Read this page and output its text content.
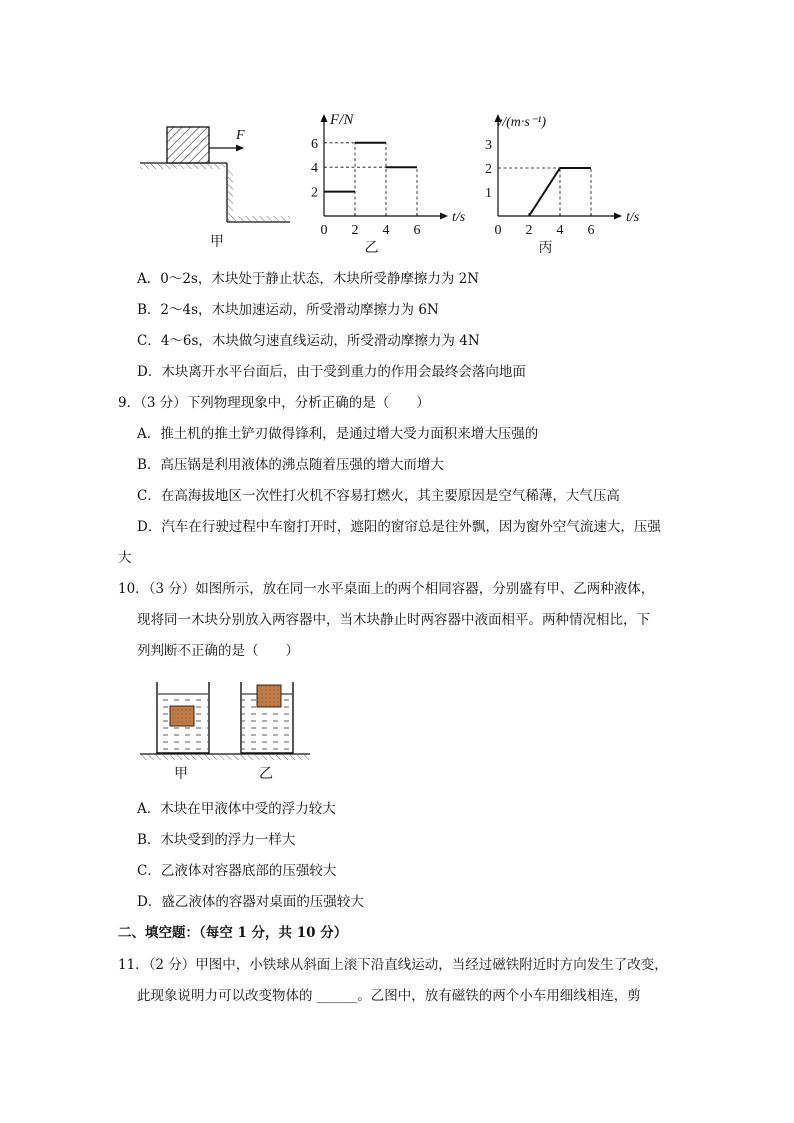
F
甲
0 2 4 6
2
4
6
F/N
t/s
乙
0 2 4 6
1
2
3
v/(m·s⁻¹)
t/s
丙
A．0～2s，木块处于静止状态，木块所受静摩擦力为 2N
B．2～4s，木块加速运动，所受滑动摩擦力为 6N
C．4～6s，木块做匀速直线运动，所受滑动摩擦力为 4N
D．木块离开水平台面后，由于受到重力的作用会最终会落向地面
9．（3 分）下列物理现象中，分析正确的是（　　）
A．推土机的推土铲刃做得锋利，是通过增大受力面积来增大压强的
B．高压锅是利用液体的沸点随着压强的增大而增大
C．在高海拔地区一次性打火机不容易打燃火，其主要原因是空气稀薄，大气压高
D．汽车在行驶过程中车窗打开时，遮阳的窗帘总是往外飘，因为窗外空气流速大，压强
大
10．（3 分）如图所示，放在同一水平桌面上的两个相同容器，分别盛有甲、乙两种液体，
现将同一木块分别放入两容器中，当木块静止时两容器中液面相平。两种情况相比，下
列判断不正确的是（　　）
甲	乙
A．木块在甲液体中受的浮力较大
B．木块受到的浮力一样大
C．乙液体对容器底部的压强较大
D．盛乙液体的容器对桌面的压强较大
二、填空题：（每空 1 分，共 10 分）
11．（2 分）甲图中，小铁球从斜面上滚下沿直线运动，当经过磁铁附近时方向发生了改变，
此现象说明力可以改变物体的 ______。乙图中，放有磁铁的两个小车用细线相连，剪
